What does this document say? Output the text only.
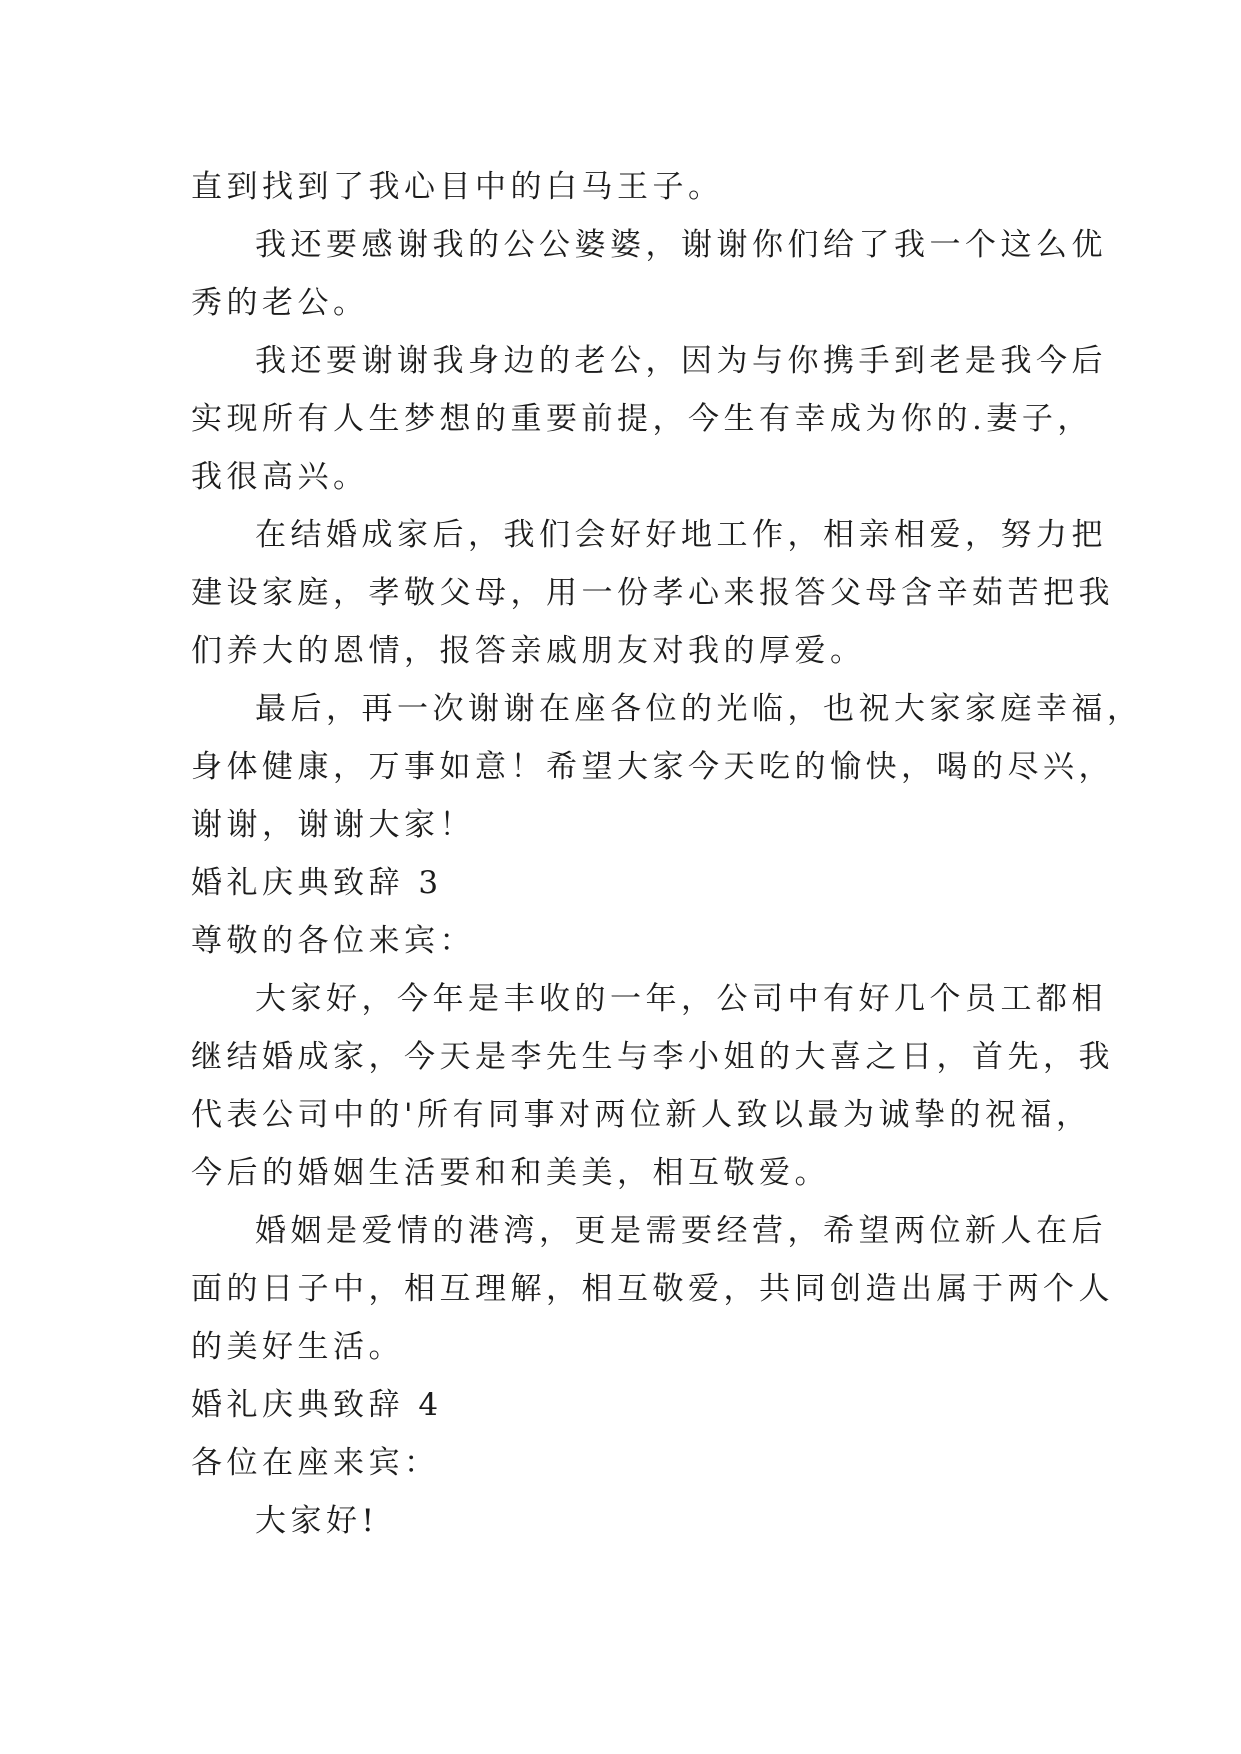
直到找到了我心目中的白马王子。
我还要感谢我的公公婆婆，谢谢你们给了我一个这么优
秀的老公。
我还要谢谢我身边的老公，因为与你携手到老是我今后
实现所有人生梦想的重要前提，今生有幸成为你的.妻子，
我很高兴。
在结婚成家后，我们会好好地工作，相亲相爱，努力把
建设家庭，孝敬父母，用一份孝心来报答父母含辛茹苦把我
们养大的恩情，报答亲戚朋友对我的厚爱。
最后，再一次谢谢在座各位的光临，也祝大家家庭幸福，
身体健康，万事如意！希望大家今天吃的愉快，喝的尽兴，
谢谢，谢谢大家！
婚礼庆典致辞 3
尊敬的各位来宾：
大家好，今年是丰收的一年，公司中有好几个员工都相
继结婚成家，今天是李先生与李小姐的大喜之日，首先，我
代表公司中的'所有同事对两位新人致以最为诚挚的祝福，
今后的婚姻生活要和和美美，相互敬爱。
婚姻是爱情的港湾，更是需要经营，希望两位新人在后
面的日子中，相互理解，相互敬爱，共同创造出属于两个人
的美好生活。
婚礼庆典致辞 4
各位在座来宾：
大家好!
